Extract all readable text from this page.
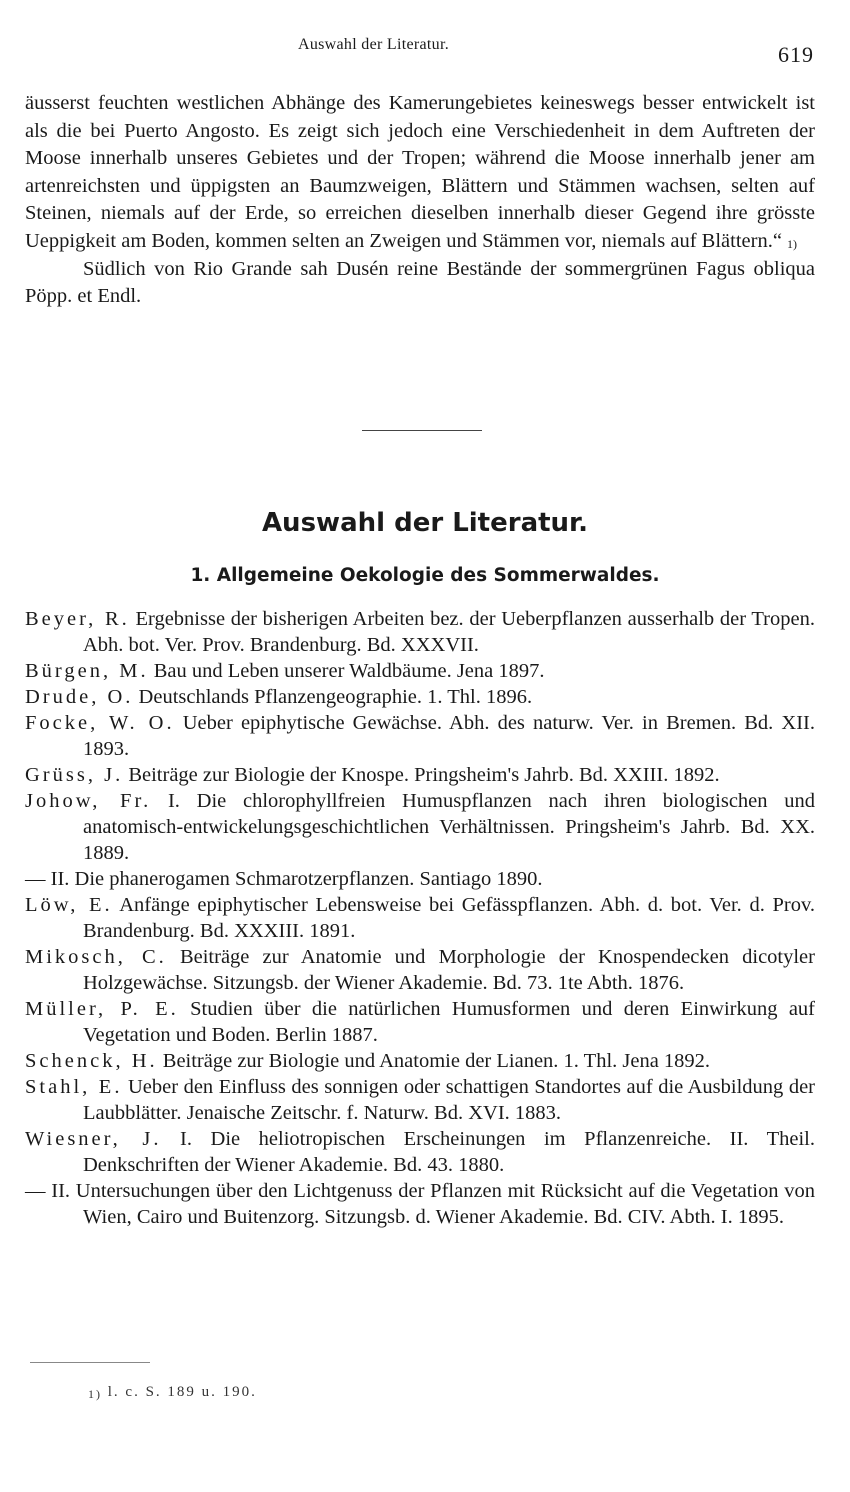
Auswahl der Literatur.	619

äusserst feuchten westlichen Abhänge des Kamerungebietes keineswegs besser entwickelt ist als die bei Puerto Angosto. Es zeigt sich jedoch eine Verschiedenheit in dem Auftreten der Moose innerhalb unseres Gebietes und der Tropen; während die Moose innerhalb jener am artenreichsten und üppigsten an Baumzweigen, Blättern und Stämmen wachsen, selten auf Steinen, niemals auf der Erde, so erreichen dieselben innerhalb dieser Gegend ihre grösste Ueppigkeit am Boden, kommen selten an Zweigen und Stämmen vor, niemals auf Blättern.“ $^{1)}$

Südlich von Rio Grande sah Dusén reine Bestände der sommergrünen Fagus obliqua Pöpp. et Endl.

Auswahl der Literatur.
1. Allgemeine Oekologie des Sommerwaldes.

Beyer, R. Ergebnisse der bisherigen Arbeiten bez. der Ueberpflanzen ausserhalb der Tropen. Abh. bot. Ver. Prov. Brandenburg. Bd. XXXVII.

Bürgen, M. Bau und Leben unserer Waldbäume. Jena 1897.

Drude, O. Deutschlands Pflanzengeographie. 1. Thl. 1896.

Focke, W. O. Ueber epiphytische Gewächse. Abh. des naturw. Ver. in Bremen. Bd. XII. 1893.

Grüss, J. Beiträge zur Biologie der Knospe. Pringsheim's Jahrb. Bd. XXIII. 1892.

Johow, Fr. I. Die chlorophyllfreien Humuspflanzen nach ihren biologischen und anatomisch-entwickelungsgeschichtlichen Verhältnissen. Pringsheim's Jahrb. Bd. XX. 1889.

— II. Die phanerogamen Schmarotzerpflanzen. Santiago 1890.

Löw, E. Anfänge epiphytischer Lebensweise bei Gefässpflanzen. Abh. d. bot. Ver. d. Prov. Brandenburg. Bd. XXXIII. 1891.

Mikosch, C. Beiträge zur Anatomie und Morphologie der Knospendecken dicotyler Holzgewächse. Sitzungsb. der Wiener Akademie. Bd. 73. 1te Abth. 1876.

Müller, P. E. Studien über die natürlichen Humusformen und deren Einwirkung auf Vegetation und Boden. Berlin 1887.

Schenck, H. Beiträge zur Biologie und Anatomie der Lianen. 1. Thl. Jena 1892.

Stahl, E. Ueber den Einfluss des sonnigen oder schattigen Standortes auf die Ausbildung der Laubblätter. Jenaische Zeitschr. f. Naturw. Bd. XVI. 1883.

Wiesner, J. I. Die heliotropischen Erscheinungen im Pflanzenreiche. II. Theil. Denkschriften der Wiener Akademie. Bd. 43. 1880.

— II. Untersuchungen über den Lichtgenuss der Pflanzen mit Rücksicht auf die Vegetation von Wien, Cairo und Buitenzorg. Sitzungsb. d. Wiener Akademie. Bd. CIV. Abth. I. 1895.

$^{1)}$ l. c. S. 189 u. 190.
